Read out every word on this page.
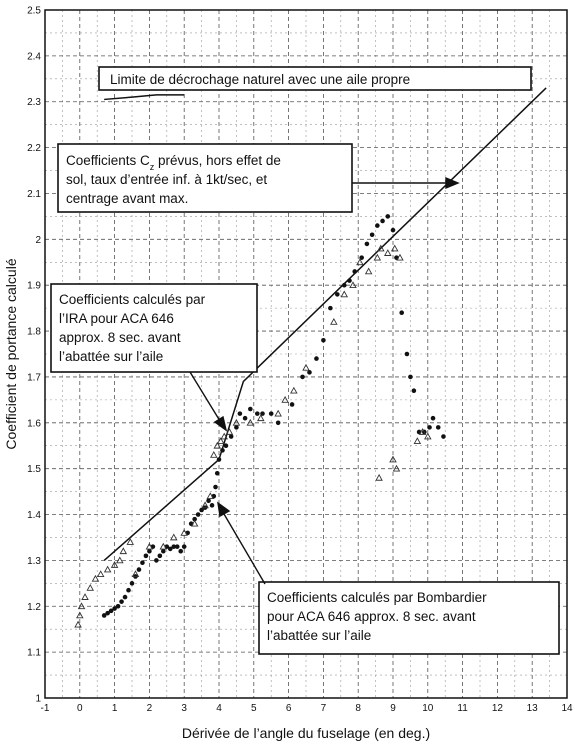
-1	0	1	2	3	4	5	6	7	8	9	10 11 12 13 14
1
1.1
1.2
1.3
1.4
1.5
1.6
1.7
1.8
1.9
2
2.1
2.2
2.3
2.4
2.5
Limite de décrochage naturel avec une aile propre
Coefficients $C_z$ prévus, hors effet de
sol, taux d’entrée inf. à 1kt/sec, et
centrage avant max.
Coefficients calculés par
l’IRA pour ACA 646
approx. 8 sec. avant
l’abattée sur l’aile
Coefficients calculés par Bombardier
pour ACA 646 approx. 8 sec. avant
l’abattée sur l’aile
Dérivée de l’angle du fuselage (en deg.)
Coefficient de portance calculé
